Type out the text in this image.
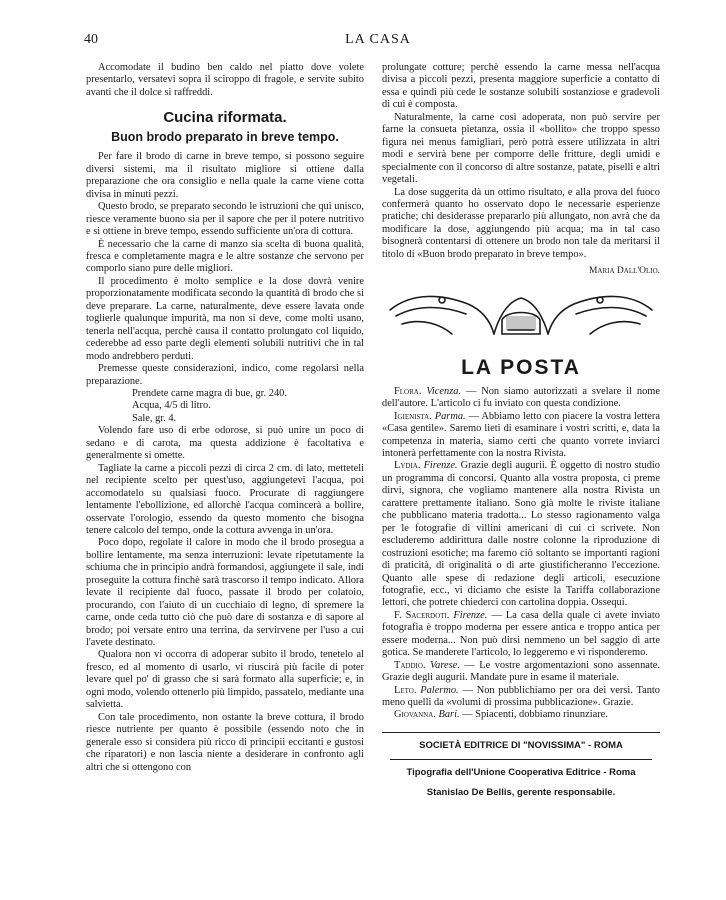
40	LA CASA

Accomodate il budino ben caldo nel piatto dove volete presentarlo, versatevi sopra il sciroppo di fragole, e servite subito avanti che il dolce si raffreddi.

Cucina riformata.
Buon brodo preparato in breve tempo.

Per fare il brodo di carne in breve tempo, si possono seguire diversi sistemi, ma il risultato migliore si ottiene dalla preparazione che ora consiglio e nella quale la carne viene cotta divisa in minuti pezzi.

Questo brodo, se preparato secondo le istruzioni che qui unisco, riesce veramente buono sia per il sapore che per il potere nutritivo e si ottiene in breve tempo, essendo sufficiente un'ora di cottura.

È necessario che la carne di manzo sia scelta di buona qualità, fresca e completamente magra e le altre sostanze che servono per comporlo siano pure delle migliori.

Il procedimento è molto semplice e la dose dovrà venire proporzionatamente modificata secondo la quantità di brodo che si deve preparare. La carne, naturalmente, deve essere lavata onde toglierle qualunque impurità, ma non si deve, come molti usano, tenerla nell'acqua, perchè causa il contatto prolungato col liquido, cederebbe ad esso parte degli elementi solubili nutritivi che in tal modo andrebbero perduti.

Premesse queste considerazioni, indico, come regolarsi nella preparazione.

Prendete carne magra di bue, gr. 240.

Acqua, 4/5 di litro.

Sale, gr. 4.

Volendo fare uso di erbe odorose, si può unire un poco di sedano e di carota, ma questa addizione è facoltativa e generalmente si omette.

Tagliate la carne a piccoli pezzi di circa 2 cm. di lato, metteteli nel recipiente scelto per quest'uso, aggiungetevi l'acqua, poi accomodatelo su qualsiasi fuoco. Procurate di raggiungere lentamente l'ebollizione, ed allorchè l'acqua comincerà a bollire, osservate l'orologio, essendo da questo momento che bisogna tenere calcolo del tempo, onde la cottura avvenga in un'ora.

Poco dopo, regolate il calore in modo che il brodo prosegua a bollire lentamente, ma senza interruzioni: levate ripetutamente la schiuma che in principio andrà formandosi, aggiungete il sale, indi proseguite la cottura finchè sarà trascorso il tempo indicato. Allora levate il recipiente dal fuoco, passate il brodo per colatoio, procurando, con l'aiuto di un cucchiaio di legno, di spremere la carne, onde ceda tutto ciò che può dare di sostanza e di sapore al brodo; poi versate entro una terrina, da servirvene per l'uso a cui l'avete destinato.

Qualora non vi occorra di adoperar subito il brodo, tenetelo al fresco, ed al momento di usarlo, vi riuscirà più facile di poter levare quel po' di grasso che si sarà formato alla superficie; e, in ogni modo, volendo ottenerlo più limpido, passatelo, mediante una salvietta.

Con tale procedimento, non ostante la breve cottura, il brodo riesce nutriente per quanto è possibile (essendo noto che in generale esso si considera più ricco di principii eccitanti e gustosi che riparatori) e non lascia niente a desiderare in confronto agli altri che si ottengono con

prolungate cotture; perchè essendo la carne messa nell'acqua divisa a piccoli pezzi, presenta maggiore superficie a contatto di essa e quindi più cede le sostanze solubili sostanziose e gradevoli di cui è composta.

Naturalmente, la carne così adoperata, non può servire per farne la consueta pietanza, ossia il «bollito» che troppo spesso figura nei menus famigliari, però potrà essere utilizzata in altri modi e servirà bene per comporre delle fritture, degli umidi e specialmente con il concorso di altre sostanze, patate, piselli e altri vegetali.

La dose suggerita dà un ottimo risultato, e alla prova del fuoco confermerà quanto ho osservato dopo le necessarie esperienze pratiche; chi desiderasse prepararlo più allungato, non avrà che da modificare la dose, aggiungendo più acqua; ma in tal caso bisognerà contentarsi di ottenere un brodo non tale da meritarsi il titolo di «Buon brodo preparato in breve tempo».

Maria Dall'Olio.

LA POSTA

Flora. Vicenza. — Non siamo autorizzati a svelare il nome dell'autore. L'articolo ci fu inviato con questa condizione.

Igienista. Parma. — Abbiamo letto con piacere la vostra lettera «Casa gentile». Saremo lieti di esaminare i vostri scritti, e, data la competenza in materia, siamo certi che quanto vorrete inviarci intonerà perfettamente con la nostra Rivista.

Lydia. Firenze. Grazie degli augurii. È oggetto di nostro studio un programma di concorsi. Quanto alla vostra proposta, ci preme dirvi, signora, che vogliamo mantenere alla nostra Rivista un carattere prettamente italiano. Sono già molte le riviste italiane che pubblicano materia tradotta... Lo stesso ragionamento valga per le fotografie di villini americani di cui ci scrivete. Non escluderemo addirittura dalle nostre colonne la riproduzione di costruzioni esotiche; ma faremo ciò soltanto se importanti ragioni di praticità, di originalità o di arte giustificheranno l'eccezione. Quanto alle spese di redazione degli articoli, esecuzione fotografie, ecc., vi diciamo che esiste la Tariffa collaborazione lettori, che potrete chiederci con cartolina doppia. Ossequi.

F. Sacerdoti. Firenze. — La casa della quale ci avete inviato fotografia è troppo moderna per essere antica e troppo antica per essere moderna... Non può dirsi nemmeno un bel saggio di arte gotica. Se manderete l'articolo, lo leggeremo e vi risponderemo.

Taddio. Varese. — Le vostre argomentazioni sono assennate. Grazie degli augurii. Mandate pure in esame il materiale.

Leto. Palermo. — Non pubblichiamo per ora dei versi. Tanto meno quelli da «volumi di prossima pubblicazione». Grazie.

Giovanna. Bari. — Spiacenti, dobbiamo rinunziare.

SOCIETÀ EDITRICE DI "NOVISSIMA" - ROMA
Tipografia dell'Unione Cooperativa Editrice - Roma
Stanislao De Bellis, gerente responsabile.
